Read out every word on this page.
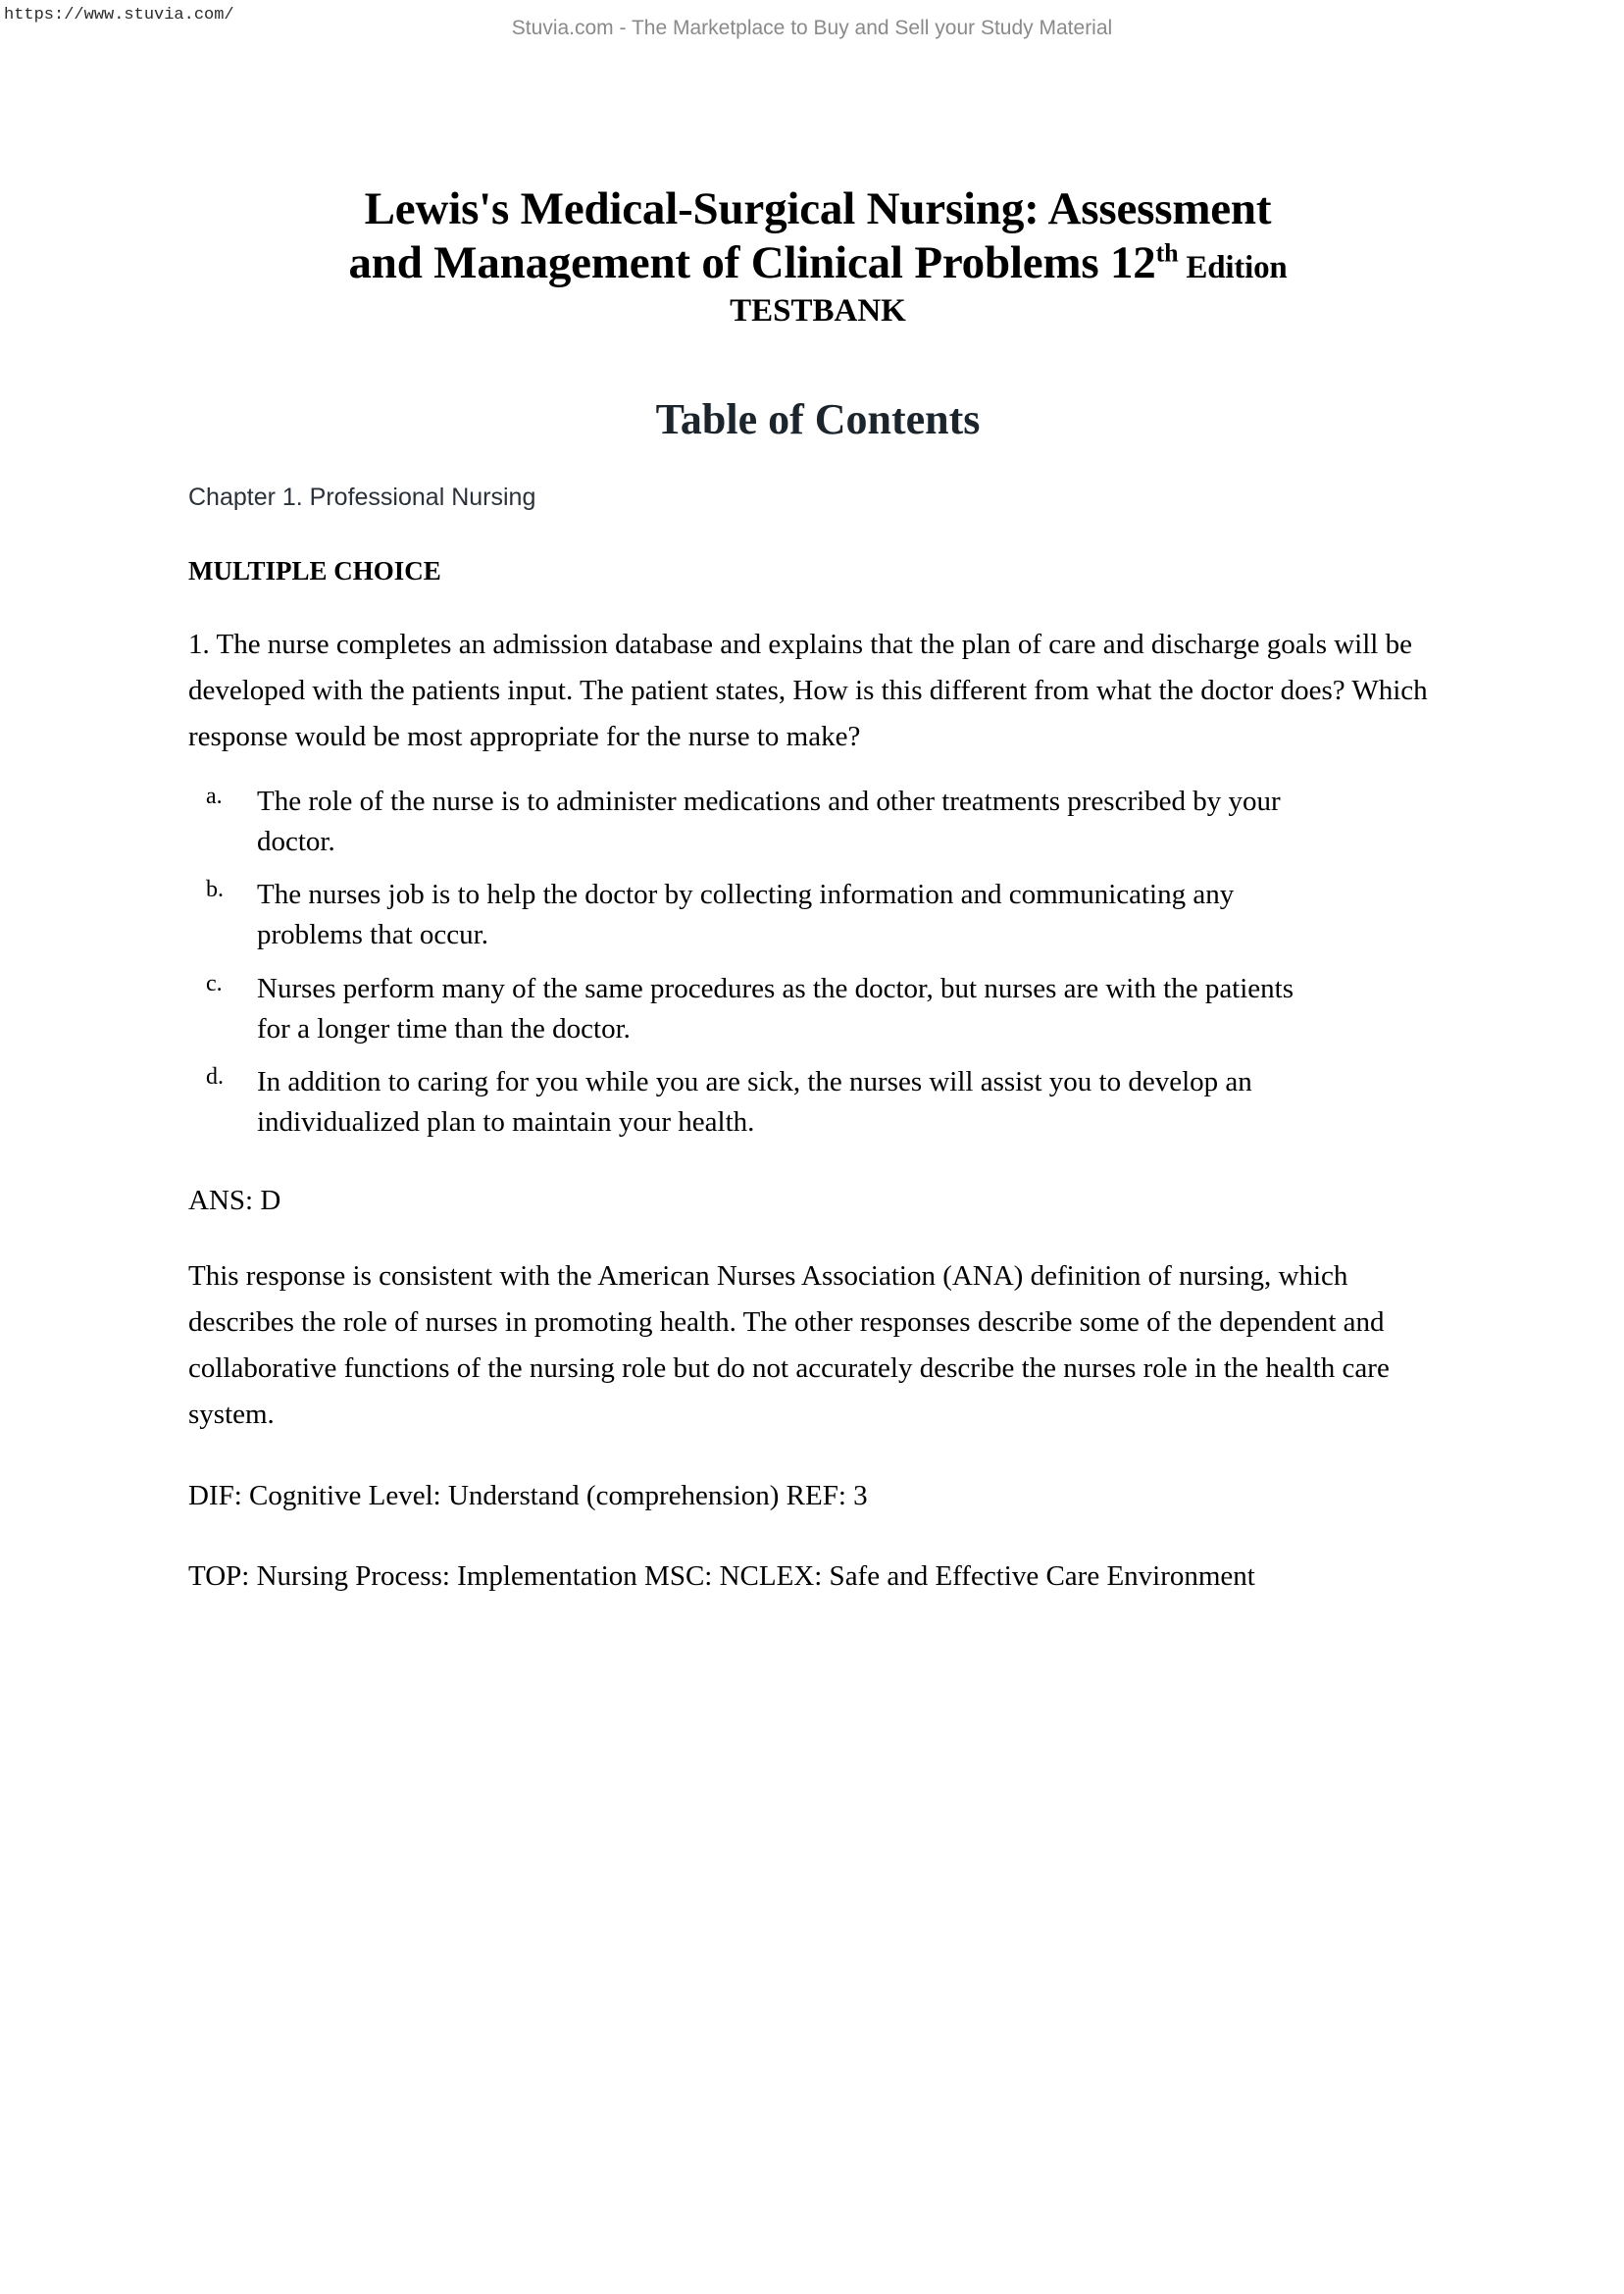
https://www.stuvia.com/
Stuvia.com - The Marketplace to Buy and Sell your Study Material
Lewis's Medical-Surgical Nursing: Assessment
and Management of Clinical Problems 12th Edition
TESTBANK
Table of Contents

Chapter 1. Professional Nursing

MULTIPLE CHOICE

1. The nurse completes an admission database and explains that the plan of care and discharge goals will be developed with the patients input. The patient states, How is this different from what the doctor does? Which response would be most appropriate for the nurse to make?

a.	The role of the nurse is to administer medications and other treatments prescribed by your doctor.
b.	The nurses job is to help the doctor by collecting information and communicating any problems that occur.
c.	Nurses perform many of the same procedures as the doctor, but nurses are with the patients for a longer time than the doctor.
d.	In addition to caring for you while you are sick, the nurses will assist you to develop an individualized plan to maintain your health.

ANS: D

This response is consistent with the American Nurses Association (ANA) definition of nursing, which describes the role of nurses in promoting health. The other responses describe some of the dependent and collaborative functions of the nursing role but do not accurately describe the nurses role in the health care system.

DIF: Cognitive Level: Understand (comprehension) REF: 3

TOP: Nursing Process: Implementation MSC: NCLEX: Safe and Effective Care Environment
